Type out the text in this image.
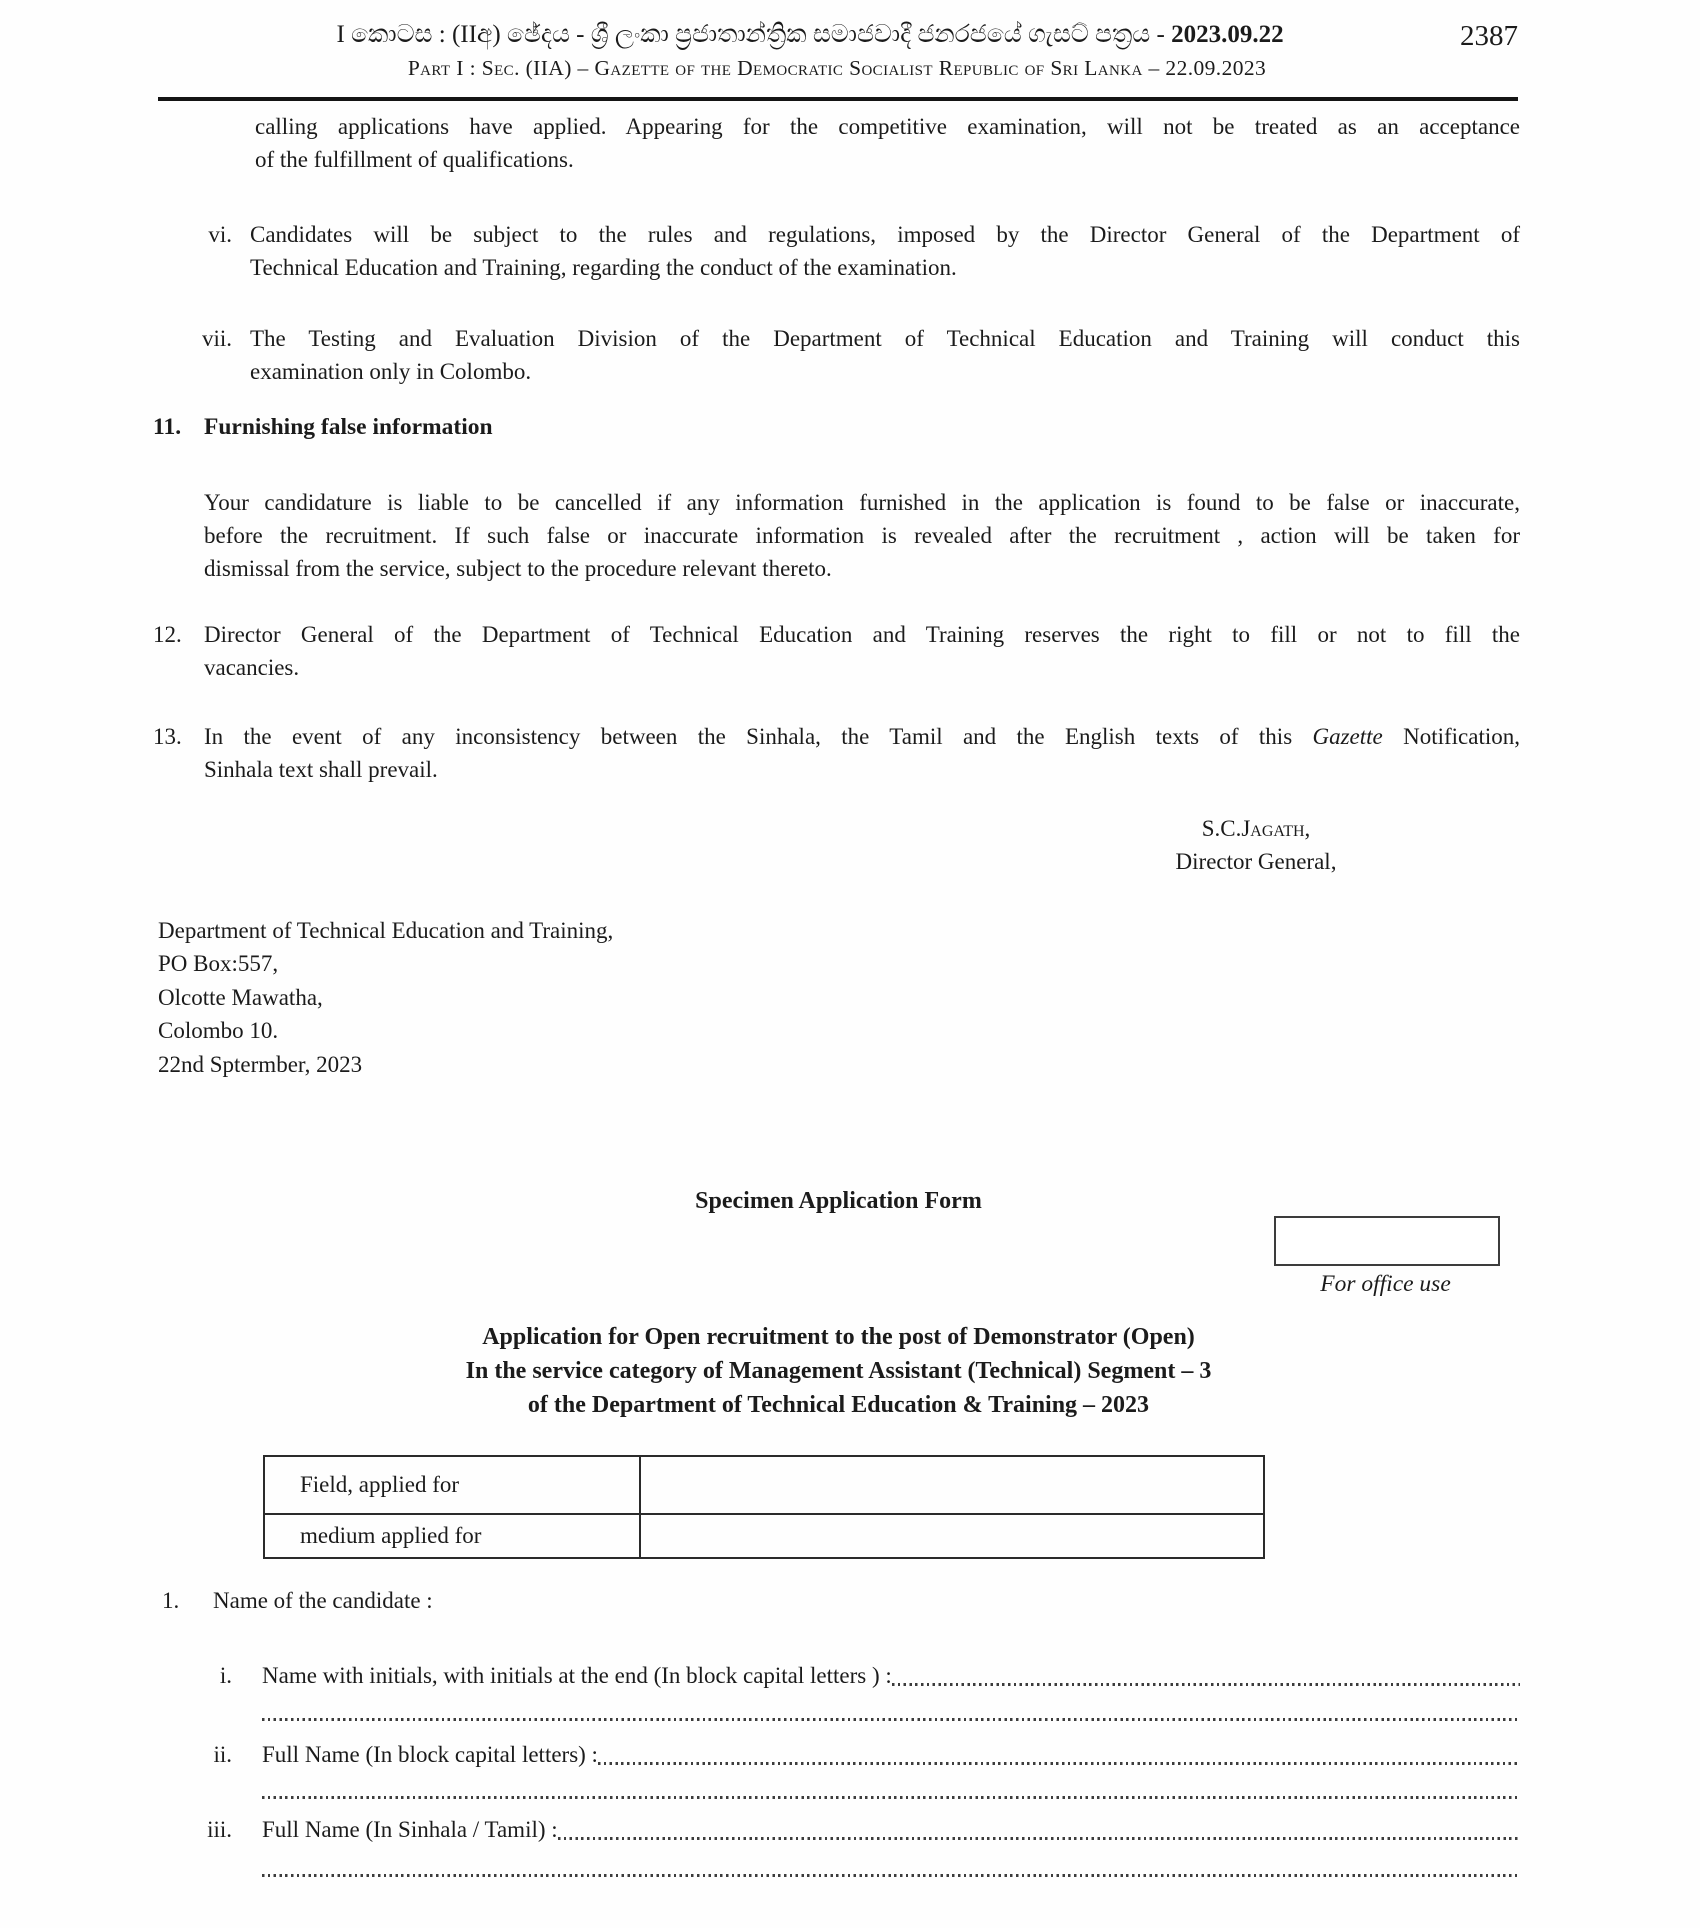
I කොටස : (IIඅ) ඡේදය - ශ්‍රී ලංකා ප්‍රජාතාන්ත්‍රික සමාජවාදී ජනරජයේ ගැසට් පත්‍රය - 2023.09.22	2387
Part I : Sec. (IIA) – Gazette of the Democratic Socialist Republic of Sri Lanka – 22.09.2023
calling applications have applied. Appearing for the competitive examination, will not be treated as an acceptance
of the fulfillment of qualifications.
vi. Candidates will be subject to the rules and regulations, imposed by the Director General of the Department of
Technical Education and Training, regarding the conduct of the examination.
vii. The Testing and Evaluation Division of the Department of Technical Education and Training will conduct this
examination only in Colombo.
11. Furnishing false information
Your candidature is liable to be cancelled if any information furnished in the application is found to be false or inaccurate,
before the recruitment. If such false or inaccurate information is revealed after the recruitment , action will be taken for
dismissal from the service, subject to the procedure relevant thereto.
12. Director General of the Department of Technical Education and Training reserves the right to fill or not to fill the
vacancies.
13. In the event of any inconsistency between the Sinhala, the Tamil and the English texts of this Gazette Notification,
Sinhala text shall prevail.
S.C.Jagath,
Director General,
Department of Technical Education and Training,
PO Box:557,
Olcotte Mawatha,
Colombo 10.
22nd Sptermber, 2023
Specimen Application Form
For office use
Application for Open recruitment to the post of Demonstrator (Open)
In the service category of Management Assistant (Technical) Segment – 3
of the Department of Technical Education & Training – 2023
Field, applied for
medium applied for
1. Name of the candidate :
i. Name with initials, with initials at the end (In block capital letters ) :
ii. Full Name (In block capital letters) :
iii. Full Name (In Sinhala / Tamil) :
